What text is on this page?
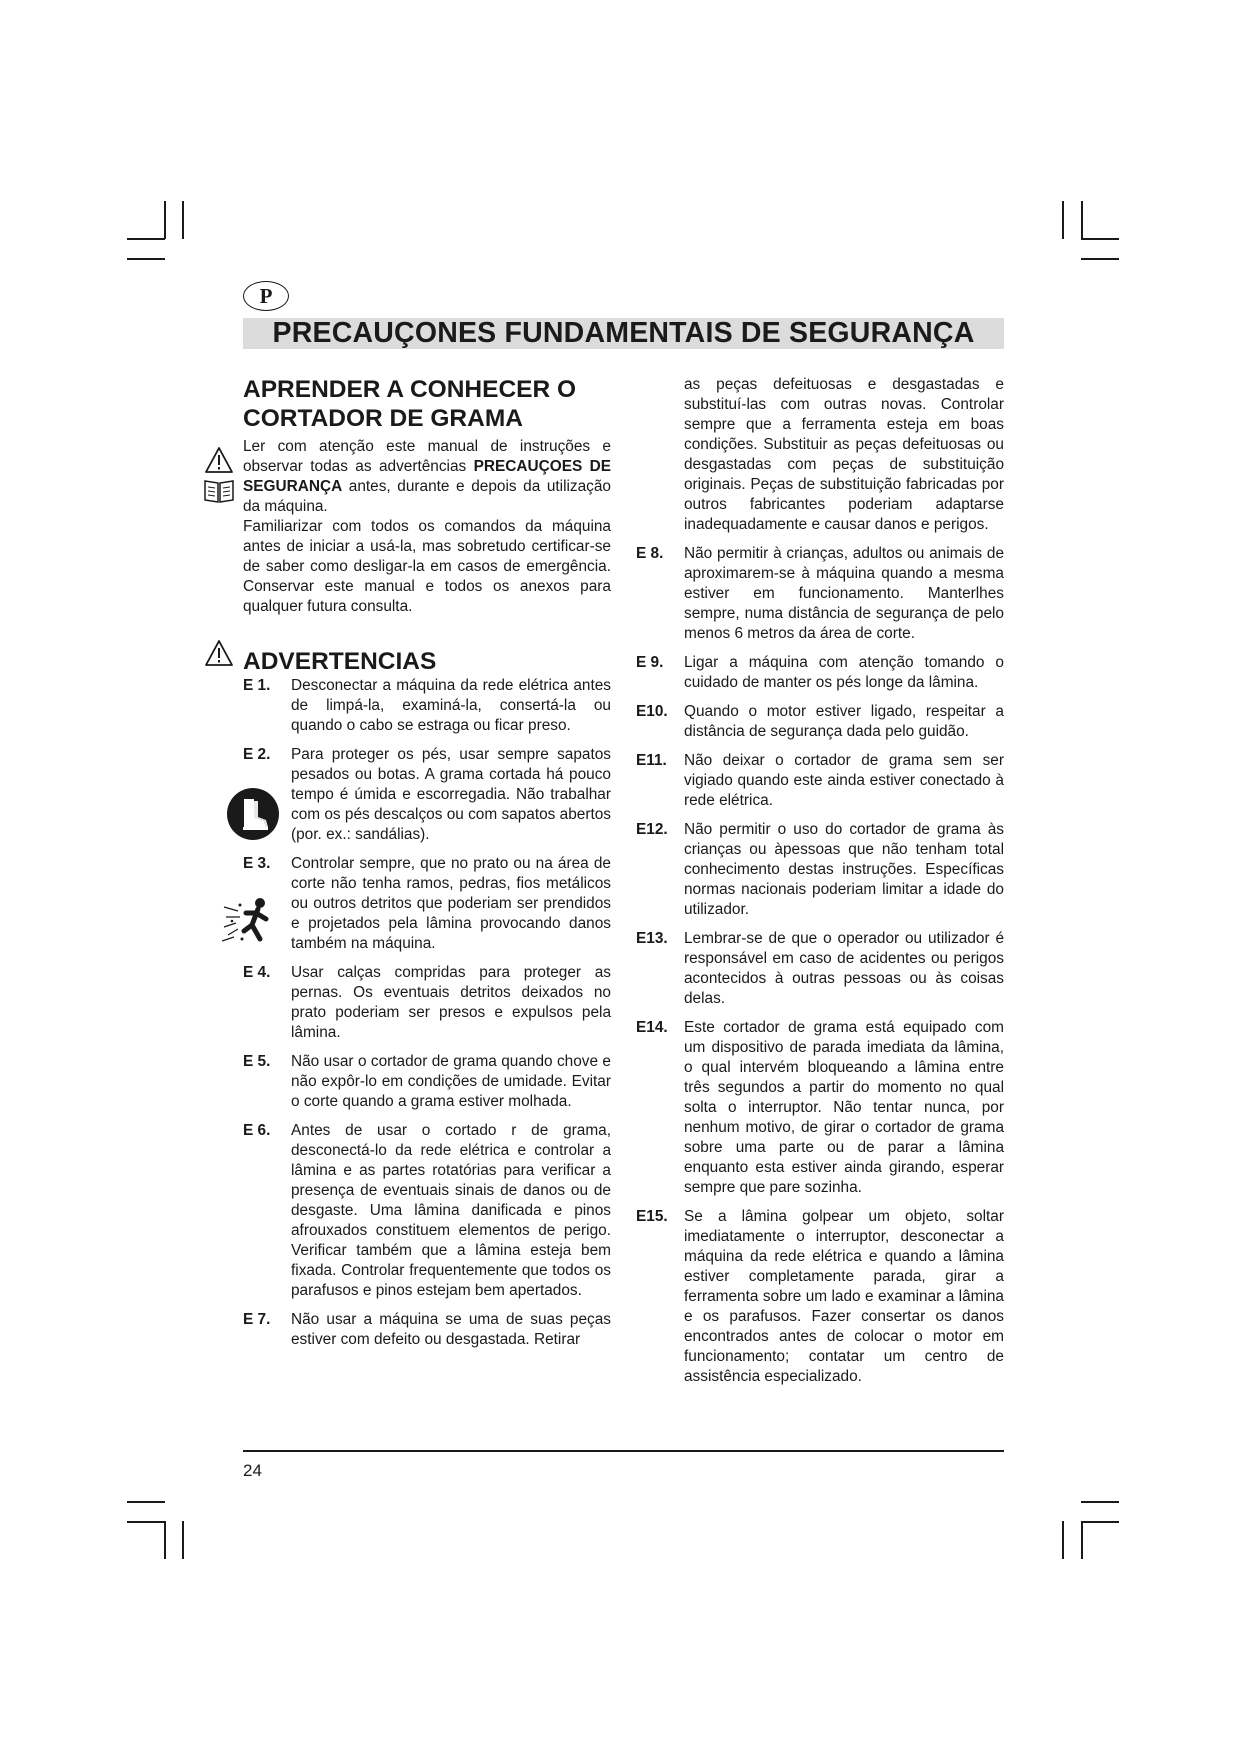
P
PRECAUÇONES FUNDAMENTAIS DE SEGURANÇA
APRENDER A CONHECER O CORTADOR DE GRAMA

Ler com atenção este manual de instruções e observar todas as advertências PRECAUÇOES DE SEGURANÇA antes, durante e depois da utilização da máquina.

Familiarizar com todos os comandos da máquina antes de iniciar a usá-la, mas sobretudo certificar-se de saber como desligar-la em casos de emergência. Conservar este manual e todos os anexos para qualquer futura consulta.

ADVERTENCIAS
E 1.	Desconectar a máquina da rede elétrica antes de limpá-la, examiná-la, consertá-la ou quando o cabo se estraga ou ficar preso.
E 2.	Para proteger os pés, usar sempre sapatos pesados ou botas. A grama cortada há pouco tempo é úmida e escorregadia. Não trabalhar com os pés descalços ou com sapatos abertos (por. ex.: sandálias).
E 3.	Controlar sempre, que no prato ou na área de corte não tenha ramos, pedras, fios metálicos ou outros detritos que poderiam ser prendidos e projetados pela lâmina provocando danos também na máquina.
E 4.	Usar calças compridas para proteger as pernas. Os eventuais detritos deixados no prato poderiam ser presos e expulsos pela lâmina.
E 5.	Não usar o cortador de grama quando chove e não expôr-lo em condições de umidade. Evitar o corte quando a grama estiver molhada.
E 6.	Antes de usar o cortado r de grama, desconectá-lo da rede elétrica e controlar a lâmina e as partes rotatórias para verificar a presença de eventuais sinais de danos ou de desgaste. Uma lâmina danificada e pinos afrouxados constituem elementos de perigo. Verificar também que a lâmina esteja bem fixada. Controlar frequentemente que todos os parafusos e pinos estejam bem apertados.
E 7.	Não usar a máquina se uma de suas peças estiver com defeito ou desgastada. Retirar
as peças defeituosas e desgastadas e substituí-las com outras novas. Controlar sempre que a ferramenta esteja em boas condições. Substituir as peças defeituosas ou desgastadas com peças de substituição originais. Peças de substituição fabricadas por outros fabricantes poderiam adaptarse inadequadamente e causar danos e perigos.
E 8.	Não permitir à crianças, adultos ou animais de aproximarem-se à máquina quando a mesma estiver em funcionamento. Manterlhes sempre, numa distância de segurança de pelo menos 6 metros da área de corte.
E 9.	Ligar a máquina com atenção tomando o cuidado de manter os pés longe da lâmina.
E10.	Quando o motor estiver ligado, respeitar a distância de segurança dada pelo guidão.
E11.	Não deixar o cortador de grama sem ser vigiado quando este ainda estiver conectado à rede elétrica.
E12.	Não permitir o uso do cortador de grama às crianças ou àpessoas que não tenham total conhecimento destas instruções. Específicas normas nacionais poderiam limitar a idade do utilizador.
E13.	Lembrar-se de que o operador ou utilizador é responsável em caso de acidentes ou perigos acontecidos à outras pessoas ou às coisas delas.
E14.	Este cortador de grama está equipado com um dispositivo de parada imediata da lâmina, o qual intervém bloqueando a lâmina entre três segundos a partir do momento no qual solta o interruptor. Não tentar nunca, por nenhum motivo, de girar o cortador de grama sobre uma parte ou de parar a lâmina enquanto esta estiver ainda girando, esperar sempre que pare sozinha.
E15.	Se a lâmina golpear um objeto, soltar imediatamente o interruptor, desconectar a máquina da rede elétrica e quando a lâmina estiver completamente parada, girar a ferramenta sobre um lado e examinar a lâmina e os parafusos. Fazer consertar os danos encontrados antes de colocar o motor em funcionamento; contatar um centro de assistência especializado.
24
